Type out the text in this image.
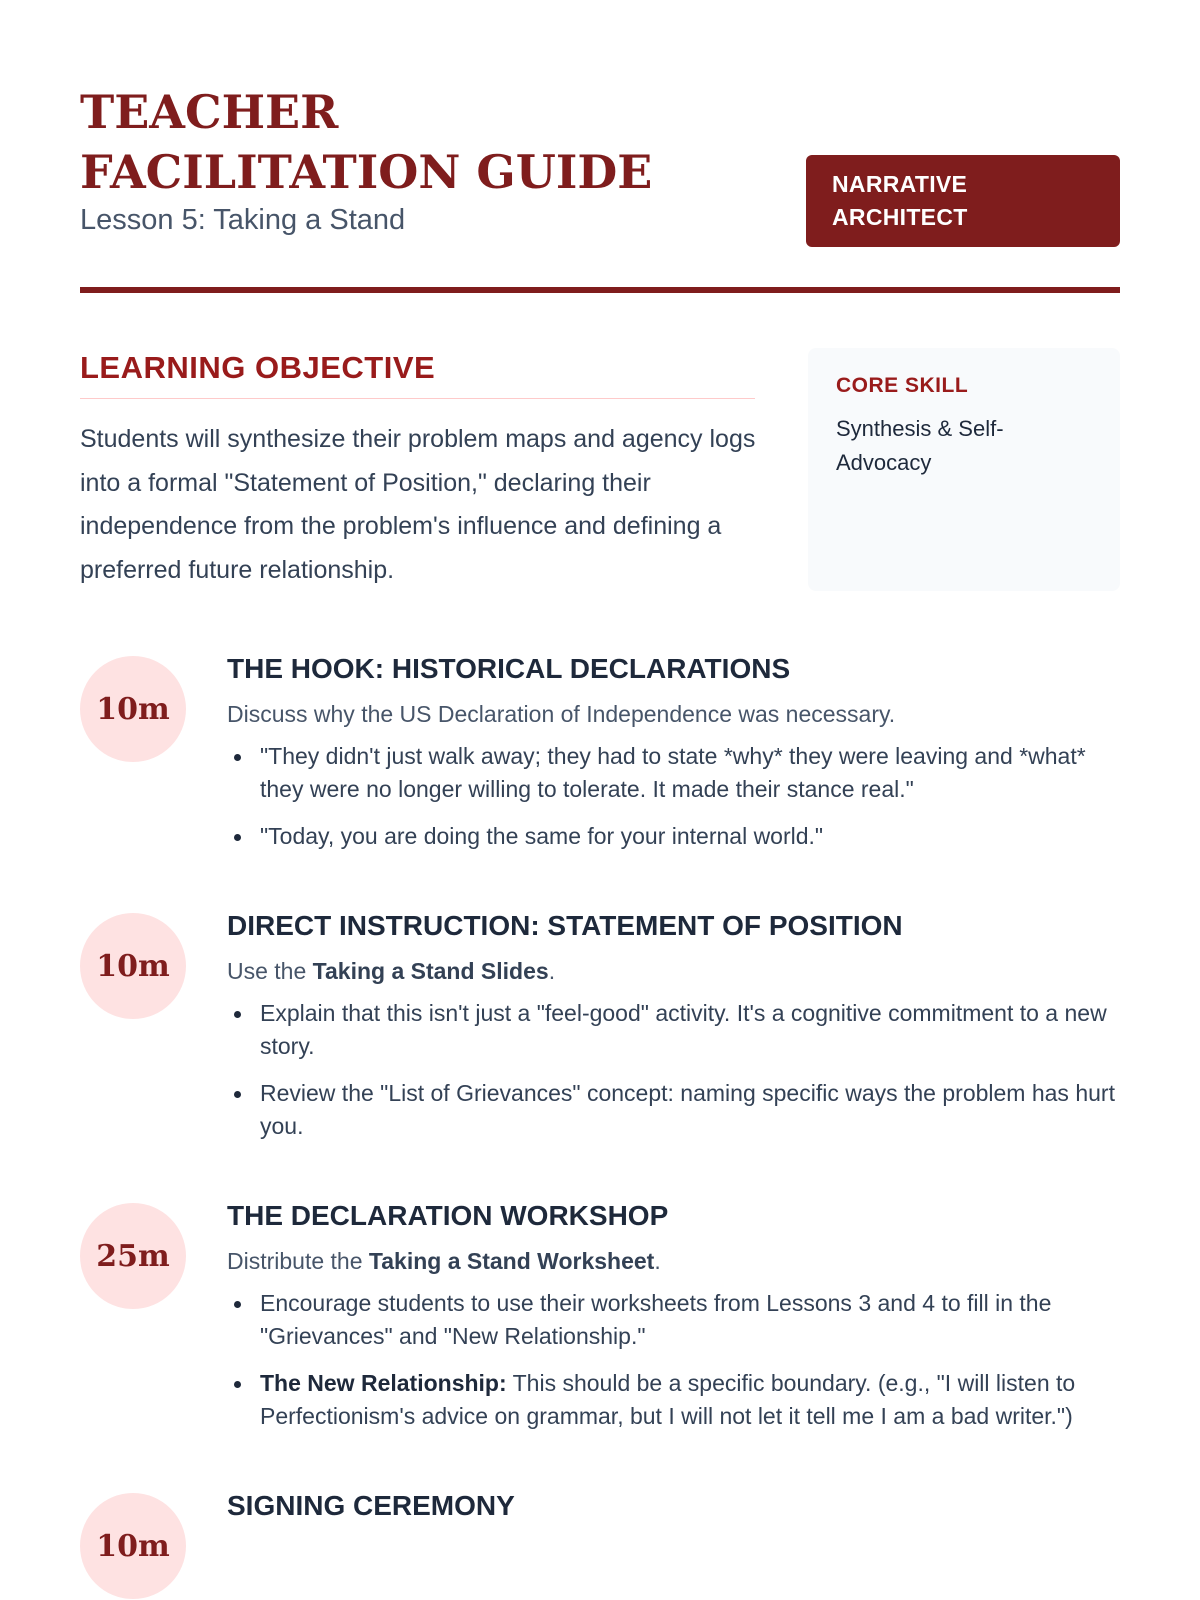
TEACHER FACILITATION GUIDE
Lesson 5: Taking a Stand
NARRATIVE ARCHITECT
LEARNING OBJECTIVE

Students will synthesize their problem maps and agency logs into a formal "Statement of Position," declaring their independence from the problem's influence and defining a preferred future relationship.

CORE SKILL
Synthesis & Self-Advocacy
10m
THE HOOK: HISTORICAL DECLARATIONS

Discuss why the US Declaration of Independence was necessary.

"They didn't just walk away; they had to state *why* they were leaving and *what* they were no longer willing to tolerate. It made their stance real."
"Today, you are doing the same for your internal world."
10m
DIRECT INSTRUCTION: STATEMENT OF POSITION

Use the Taking a Stand Slides.

Explain that this isn't just a "feel-good" activity. It's a cognitive commitment to a new story.
Review the "List of Grievances" concept: naming specific ways the problem has hurt you.
25m
THE DECLARATION WORKSHOP

Distribute the Taking a Stand Worksheet.

Encourage students to use their worksheets from Lessons 3 and 4 to fill in the "Grievances" and "New Relationship."
The New Relationship: This should be a specific boundary. (e.g., "I will listen to Perfectionism's advice on grammar, but I will not let it tell me I am a bad writer.")
10m
SIGNING CEREMONY
